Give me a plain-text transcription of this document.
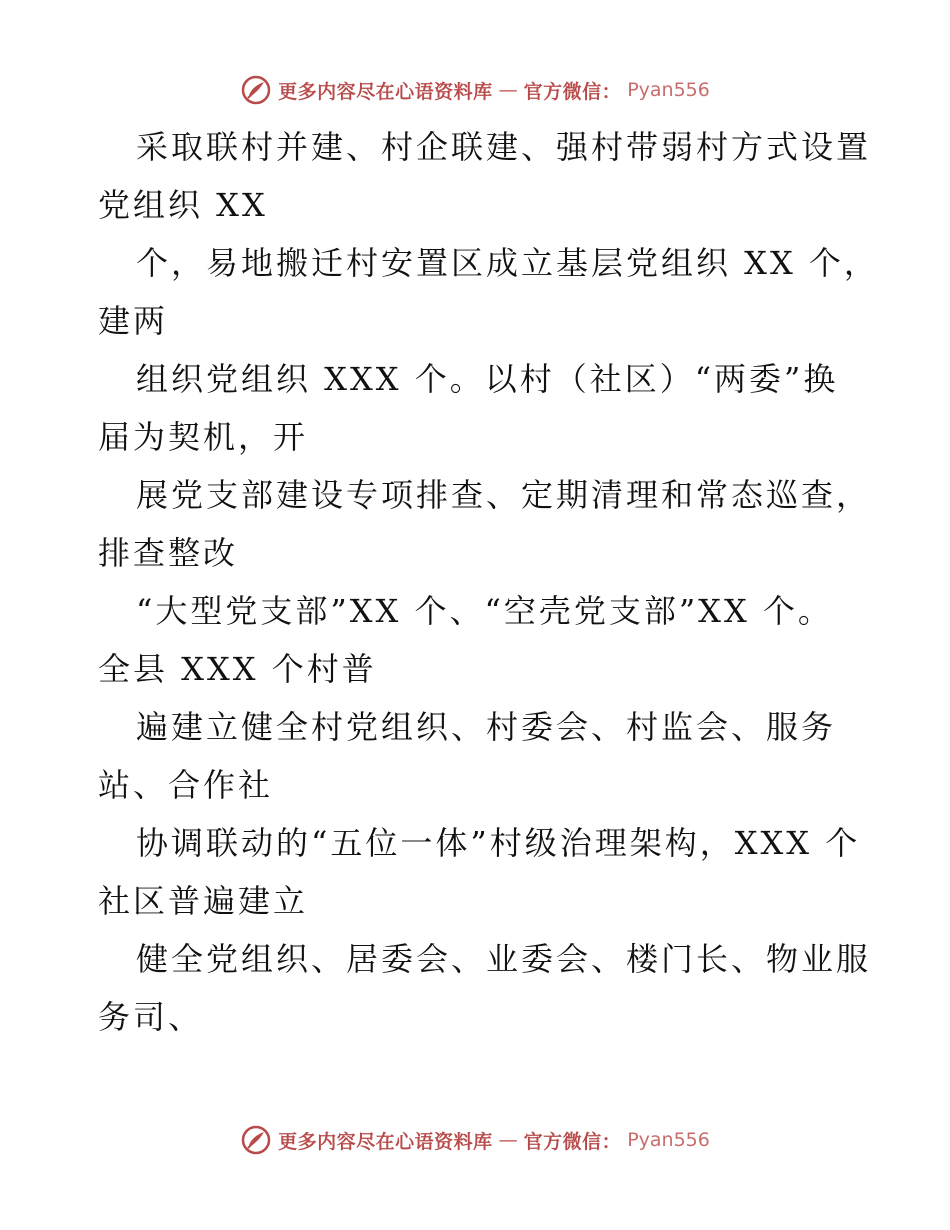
更多内容尽在心语资料库 — 官方微信： Pyan556
采取联村并建、村企联建、强村带弱村方式设置
党组织 XX
个，易地搬迁村安置区成立基层党组织 XX 个，
建两
组织党组织 XXX 个。以村（社区）“两委”换
届为契机，开
展党支部建设专项排查、定期清理和常态巡查，
排查整改
“大型党支部”XX 个、“空壳党支部”XX 个。
全县 XXX 个村普
遍建立健全村党组织、村委会、村监会、服务
站、合作社
协调联动的“五位一体”村级治理架构，XXX 个
社区普遍建立
健全党组织、居委会、业委会、楼门长、物业服
务司、
更多内容尽在心语资料库 — 官方微信： Pyan556
